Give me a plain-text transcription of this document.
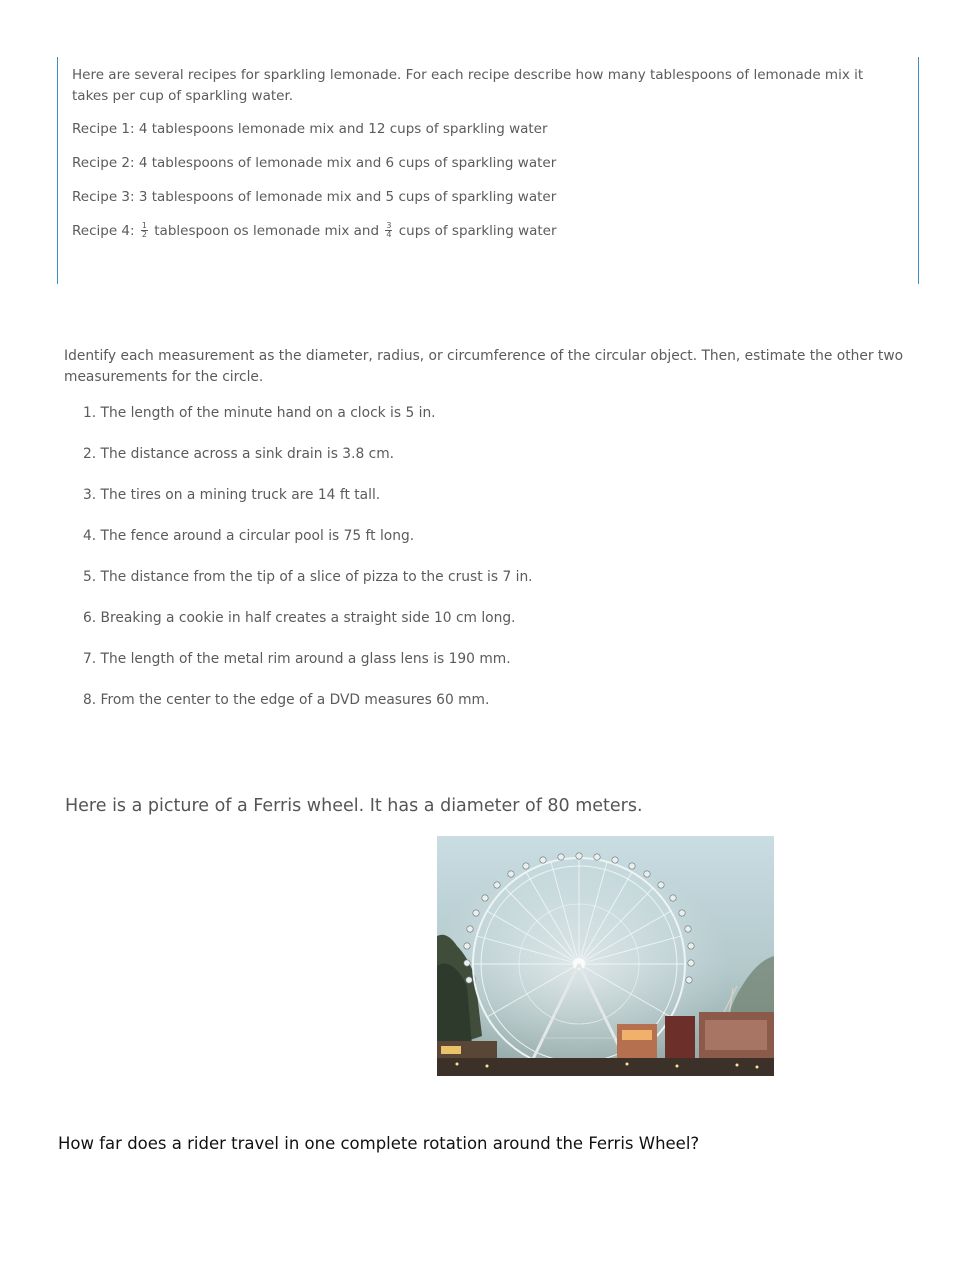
Here are several recipes for sparkling lemonade. For each recipe describe how many tablespoons of lemonade mix it takes per cup of sparkling water.
Recipe 1: 4 tablespoons lemonade mix and 12 cups of sparkling water
Recipe 2: 4 tablespoons of lemonade mix and 6 cups of sparkling water
Recipe 3: 3 tablespoons of lemonade mix and 5 cups of sparkling water
Recipe 4: $\frac{1}{2}$ tablespoon os lemonade mix and $\frac{3}{4}$ cups of sparkling water
Identify each measurement as the diameter, radius, or circumference of the circular object. Then, estimate the other two measurements for the circle.
1. The length of the minute hand on a clock is 5 in.
2. The distance across a sink drain is 3.8 cm.
3. The tires on a mining truck are 14 ft tall.
4. The fence around a circular pool is 75 ft long.
5. The distance from the tip of a slice of pizza to the crust is 7 in.
6. Breaking a cookie in half creates a straight side 10 cm long.
7. The length of the metal rim around a glass lens is 190 mm.
8. From the center to the edge of a DVD measures 60 mm.
Here is a picture of a Ferris wheel. It has a diameter of 80 meters.
How far does a rider travel in one complete rotation around the Ferris Wheel?
